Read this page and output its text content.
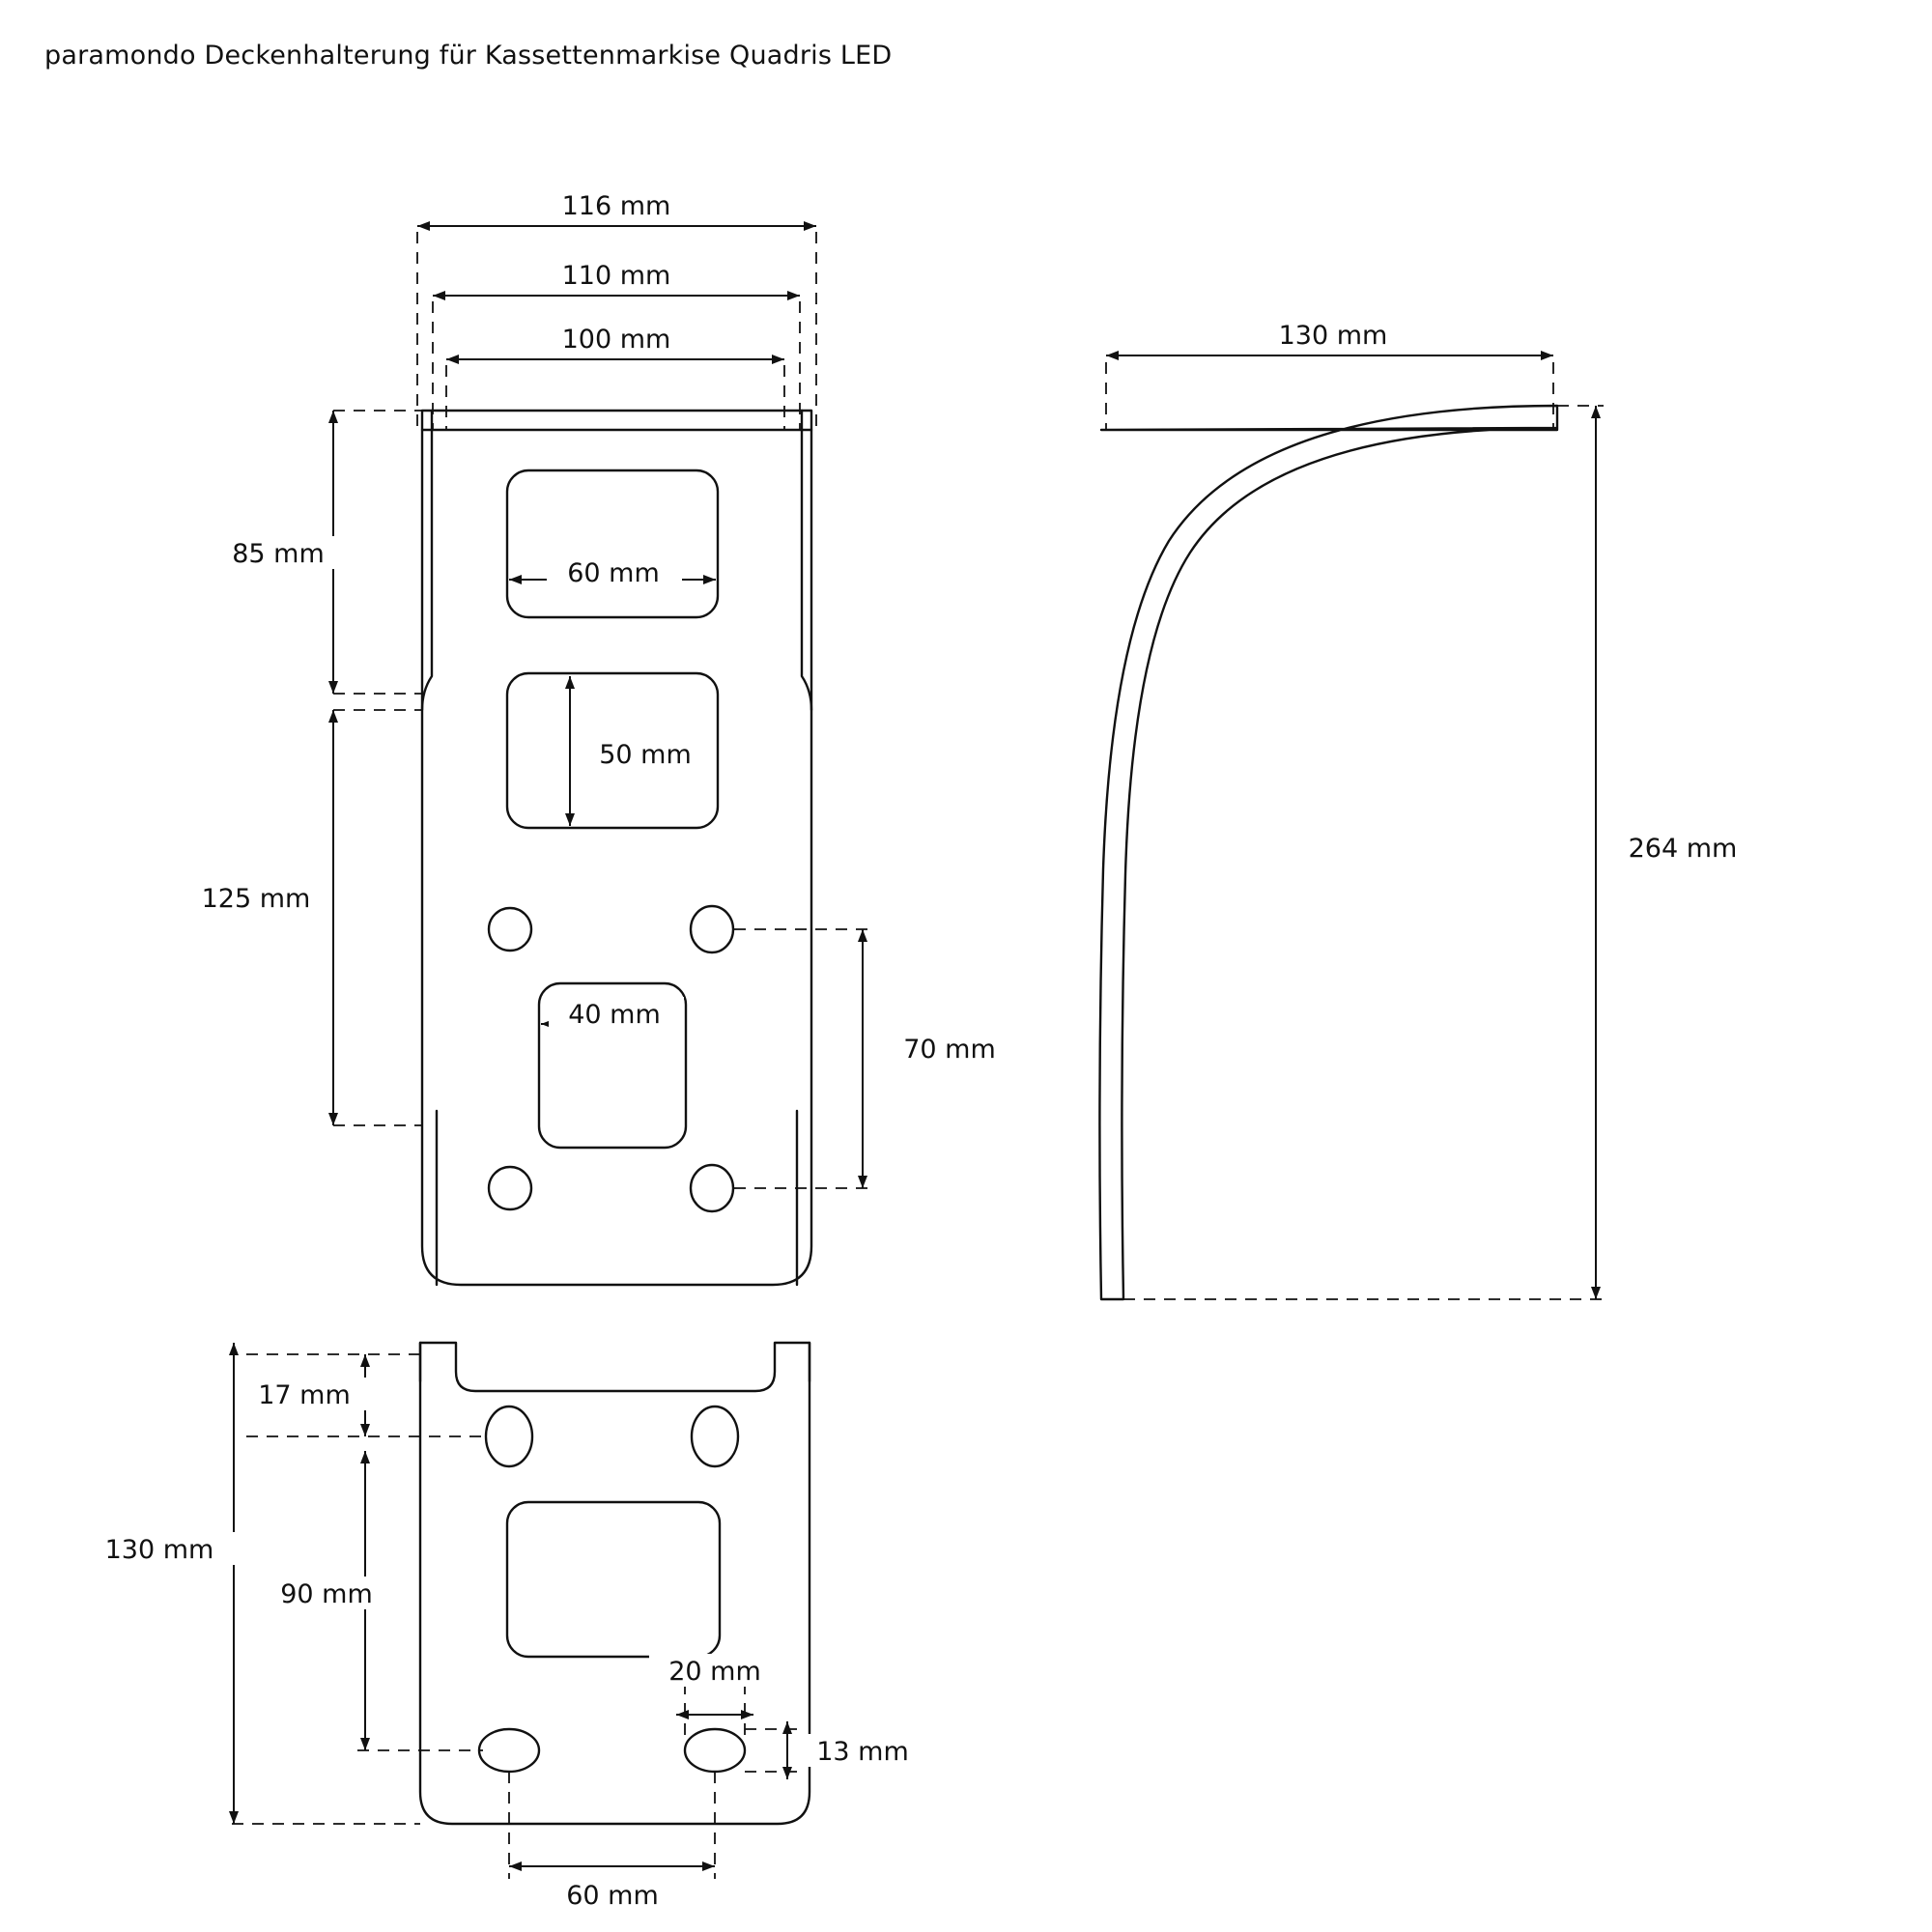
paramondo Deckenhalterung für Kassettenmarkise Quadris LED
116 mm
110 mm
100 mm
85 mm
125 mm
60 mm
50 mm
40 mm
70 mm
130 mm
264 mm
17 mm
90 mm
130 mm
20 mm
13 mm
60 mm
